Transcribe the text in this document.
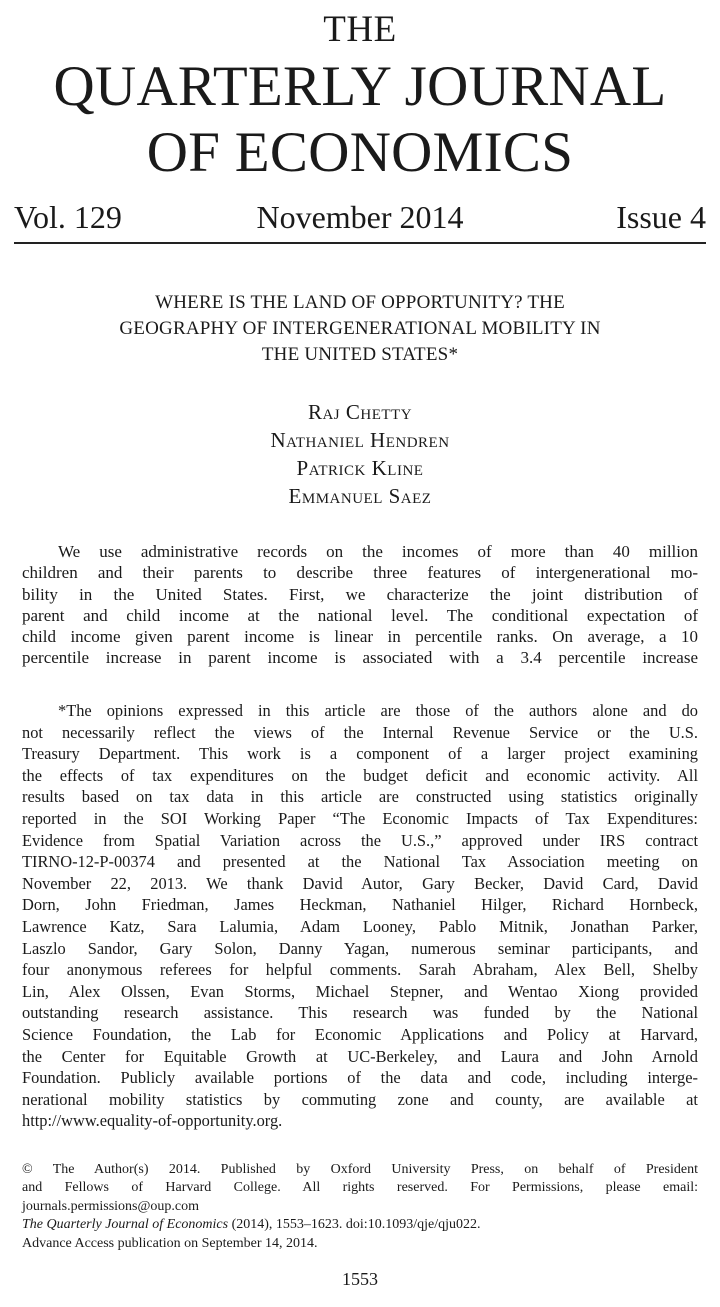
THE
QUARTERLY JOURNAL
OF ECONOMICS
Vol. 129	November 2014	Issue 4
WHERE IS THE LAND OF OPPORTUNITY? THE
GEOGRAPHY OF INTERGENERATIONAL MOBILITY IN
THE UNITED STATES*
Raj Chetty
Nathaniel Hendren
Patrick Kline
Emmanuel Saez
We use administrative records on the incomes of more than 40 million
children and their parents to describe three features of intergenerational mo-
bility in the United States. First, we characterize the joint distribution of
parent and child income at the national level. The conditional expectation of
child income given parent income is linear in percentile ranks. On average, a 10
percentile increase in parent income is associated with a 3.4 percentile increase
*The opinions expressed in this article are those of the authors alone and do
not necessarily reflect the views of the Internal Revenue Service or the U.S.
Treasury Department. This work is a component of a larger project examining
the effects of tax expenditures on the budget deficit and economic activity. All
results based on tax data in this article are constructed using statistics originally
reported in the SOI Working Paper “The Economic Impacts of Tax Expenditures:
Evidence from Spatial Variation across the U.S.,” approved under IRS contract
TIRNO-12-P-00374 and presented at the National Tax Association meeting on
November 22, 2013. We thank David Autor, Gary Becker, David Card, David
Dorn, John Friedman, James Heckman, Nathaniel Hilger, Richard Hornbeck,
Lawrence Katz, Sara Lalumia, Adam Looney, Pablo Mitnik, Jonathan Parker,
Laszlo Sandor, Gary Solon, Danny Yagan, numerous seminar participants, and
four anonymous referees for helpful comments. Sarah Abraham, Alex Bell, Shelby
Lin, Alex Olssen, Evan Storms, Michael Stepner, and Wentao Xiong provided
outstanding research assistance. This research was funded by the National
Science Foundation, the Lab for Economic Applications and Policy at Harvard,
the Center for Equitable Growth at UC-Berkeley, and Laura and John Arnold
Foundation. Publicly available portions of the data and code, including interge-
nerational mobility statistics by commuting zone and county, are available at
http://www.equality-of-opportunity.org.
© The Author(s) 2014. Published by Oxford University Press, on behalf of President
and Fellows of Harvard College. All rights reserved. For Permissions, please email:
journals.permissions@oup.com
The Quarterly Journal of Economics (2014), 1553–1623. doi:10.1093/qje/qju022.
Advance Access publication on September 14, 2014.
1553
